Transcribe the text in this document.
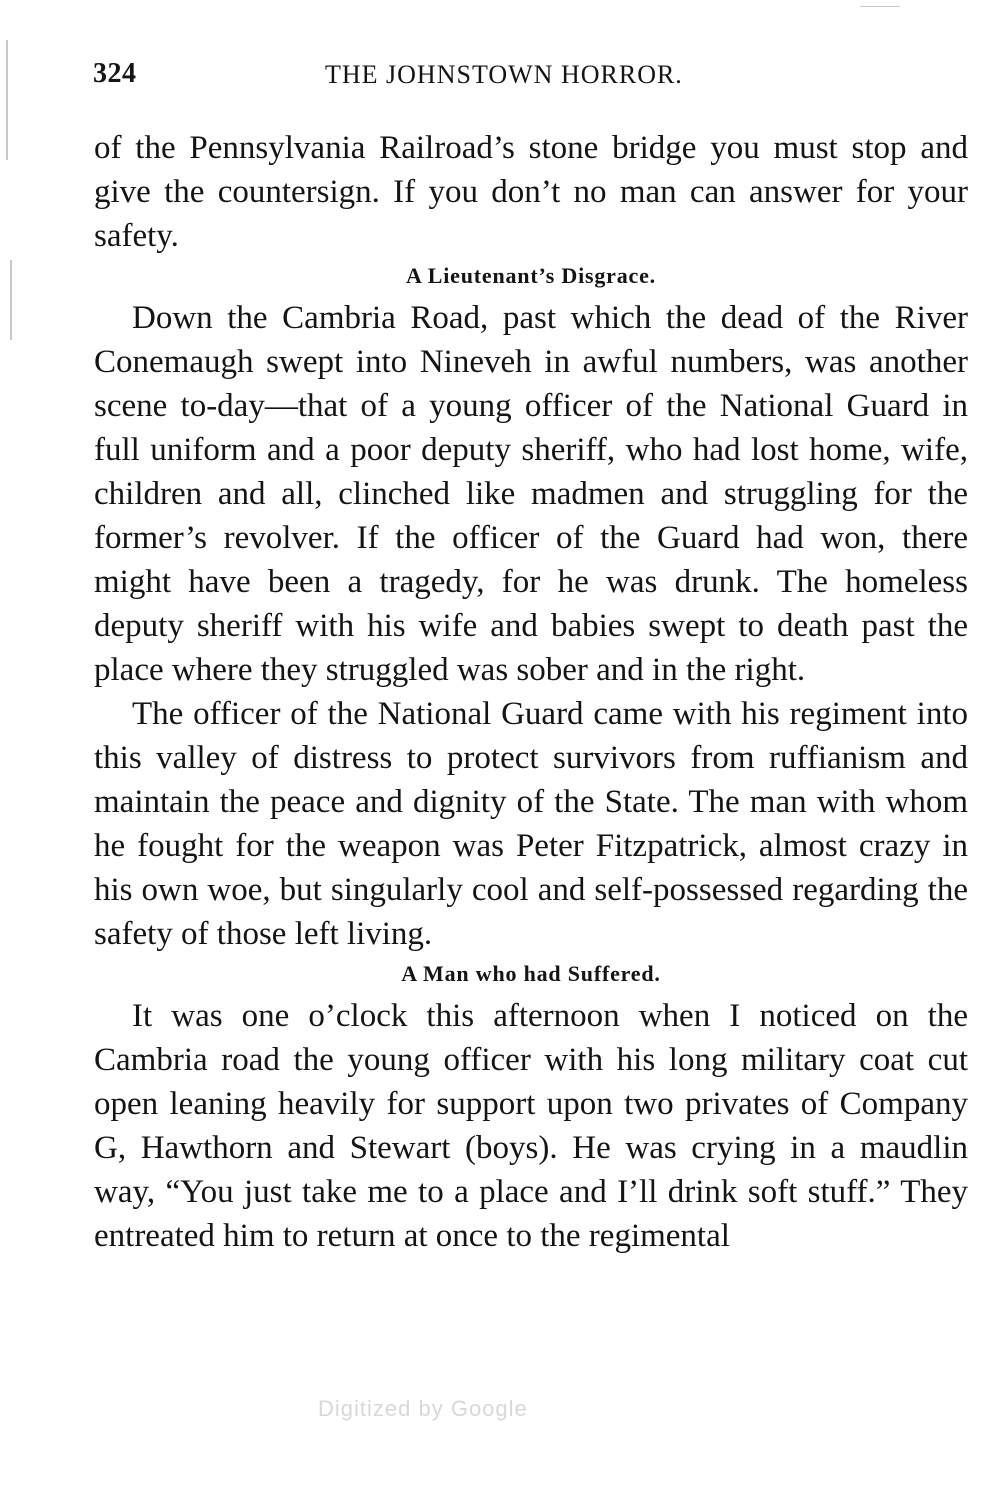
324	THE JOHNSTOWN HORROR.

of the Pennsylvania Railroad’s stone bridge you must stop and give the countersign. If you don’t no man can answer for your safety.

A Lieutenant’s Disgrace.

Down the Cambria Road, past which the dead of the River Conemaugh swept into Nineveh in awful numbers, was another scene to-day—that of a young officer of the National Guard in full uniform and a poor deputy sheriff, who had lost home, wife, children and all, clinched like madmen and struggling for the former’s revolver. If the officer of the Guard had won, there might have been a tragedy, for he was drunk. The homeless deputy sheriff with his wife and babies swept to death past the place where they struggled was sober and in the right.

The officer of the National Guard came with his regiment into this valley of distress to protect survivors from ruffianism and maintain the peace and dignity of the State. The man with whom he fought for the weapon was Peter Fitzpatrick, almost crazy in his own woe, but singularly cool and self-possessed regarding the safety of those left living.

A Man who had Suffered.

It was one o’clock this afternoon when I noticed on the Cambria road the young officer with his long military coat cut open leaning heavily for support upon two privates of Company G, Hawthorn and Stewart (boys). He was crying in a maudlin way, “You just take me to a place and I’ll drink soft stuff.” They entreated him to return at once to the regimental

Digitized by Google
